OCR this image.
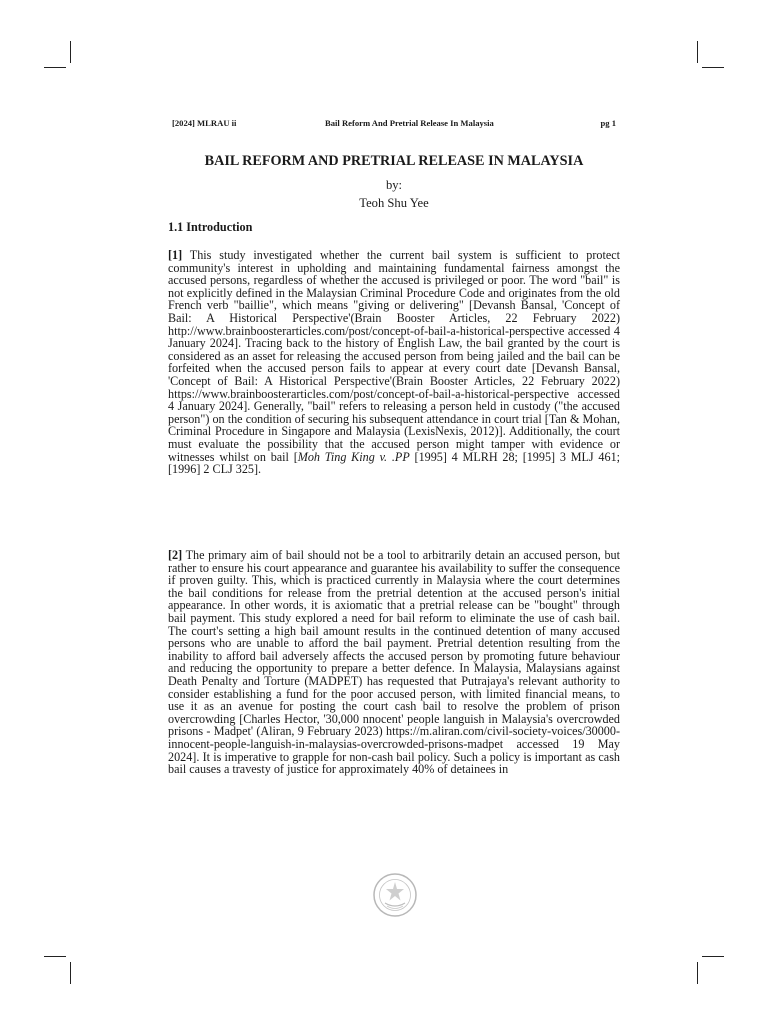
[2024] MLRAU ii	Bail Reform And Pretrial Release In Malaysia	pg 1
BAIL REFORM AND PRETRIAL RELEASE IN MALAYSIA
by:
Teoh Shu Yee
1.1 Introduction

[1] This study investigated whether the current bail system is sufficient to protect community's interest in upholding and maintaining fundamental fairness amongst the accused persons, regardless of whether the accused is privileged or poor. The word "bail" is not explicitly defined in the Malaysian Criminal Procedure Code and originates from the old French verb "baillie", which means "giving or delivering" [Devansh Bansal, 'Concept of Bail: A Historical Perspective'(Brain Booster Articles, 22 February 2022) http://www.brainboosterarticles.com/post/concept-of-bail-a-historical-perspective accessed 4 January 2024]. Tracing back to the history of English Law, the bail granted by the court is considered as an asset for releasing the accused person from being jailed and the bail can be forfeited when the accused person fails to appear at every court date [Devansh Bansal, 'Concept of Bail: A Historical Perspective'(Brain Booster Articles, 22 February 2022) https://www.brainboosterarticles.com/post/concept-of-bail-a-historical-perspective accessed 4 January 2024]. Generally, "bail" refers to releasing a person held in custody ("the accused person") on the condition of securing his subsequent attendance in court trial [Tan & Mohan, Criminal Procedure in Singapore and Malaysia (LexisNexis, 2012)]. Additionally, the court must evaluate the possibility that the accused person might tamper with evidence or witnesses whilst on bail [Moh Ting King v. .PP [1995] 4 MLRH 28; [1995] 3 MLJ 461; [1996] 2 CLJ 325].

[2] The primary aim of bail should not be a tool to arbitrarily detain an accused person, but rather to ensure his court appearance and guarantee his availability to suffer the consequence if proven guilty. This, which is practiced currently in Malaysia where the court determines the bail conditions for release from the pretrial detention at the accused person's initial appearance. In other words, it is axiomatic that a pretrial release can be "bought" through bail payment. This study explored a need for bail reform to eliminate the use of cash bail. The court's setting a high bail amount results in the continued detention of many accused persons who are unable to afford the bail payment. Pretrial detention resulting from the inability to afford bail adversely affects the accused person by promoting future behaviour and reducing the opportunity to prepare a better defence. In Malaysia, Malaysians against Death Penalty and Torture (MADPET) has requested that Putrajaya's relevant authority to consider establishing a fund for the poor accused person, with limited financial means, to use it as an avenue for posting the court cash bail to resolve the problem of prison overcrowding [Charles Hector, '30,000 nnocent' people languish in Malaysia's overcrowded prisons - Madpet' (Aliran, 9 February 2023) https://m.aliran.com/civil-society-voices/30000-innocent-people-languish-in-malaysias-overcrowded-prisons-madpet accessed 19 May 2024]. It is imperative to grapple for non-cash bail policy. Such a policy is important as cash bail causes a travesty of justice for approximately 40% of detainees in
